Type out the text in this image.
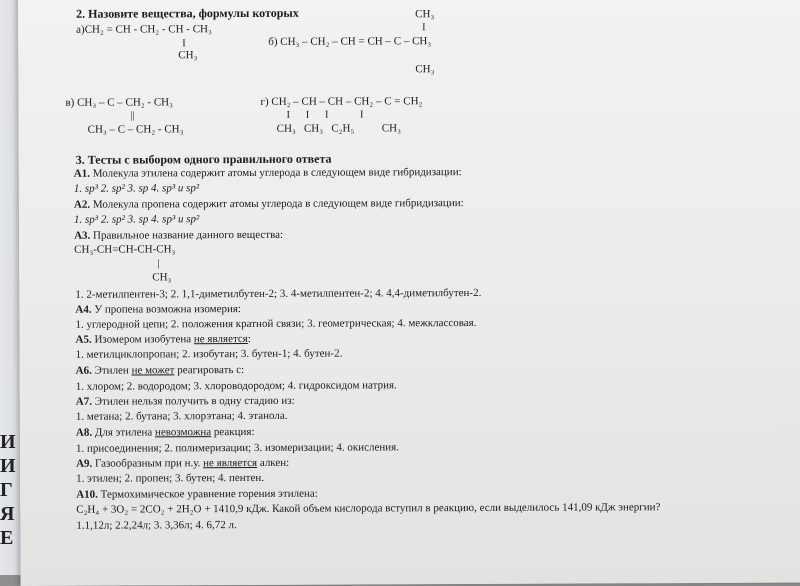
И
И
Г
Я
Е
2. Назовите вещества, формулы которых
а)CH₂ = CH - CH₂ - CH - CH₃
I
CH₃
CH₃
I
б) CH₃ – CH₂ – CH = CH – C – CH₃
CH₃
в) CH₃ – C – CH₂ - CH₃
||
CH₃ – C – CH₂ - CH₃
г) CH₂ – CH – CH – CH₂ – C = CH₂
I      I      I            I
CH₃   CH₃   C₂H₅          CH₃
3. Тесты с выбором одного правильного ответа
А1. Молекула этилена содержит атомы углерода в следующем виде гибридизации:
1. sp³ 2. sp² 3. sp 4. sp³ и sp²
А2. Молекула пропена содержит атомы углерода в следующем виде гибридизации:
1. sp³ 2. sp² 3. sp 4. sp³ и sp²
А3. Правильное название данного вещества:
CH₃-CH=CH-CH-CH₃
|
CH₃
1. 2-метилпентен-3; 2. 1,1-диметилбутен-2; 3. 4-метилпентен-2; 4. 4,4-диметилбутен-2.
А4. У пропена возможна изомерия:
1. углеродной цепи; 2. положения кратной связи; 3. геометрическая; 4. межклассовая.
А5. Изомером изобутена не является:
1. метилциклопропан; 2. изобутан; 3. бутен-1; 4. бутен-2.
А6. Этилен не может реагировать с:
1. хлором; 2. водородом; 3. хлороводородом; 4. гидроксидом натрия.
А7. Этилен нельзя получить в одну стадию из:
1. метана; 2. бутана; 3. хлорэтана; 4. этанола.
А8. Для этилена невозможна реакция:
1. присоединения; 2. полимеризации; 3. изомеризации; 4. окисления.
А9. Газообразным при н.у. не является алкен:
1. этилен; 2. пропен; 3. бутен; 4. пентен.
А10. Термохимическое уравнение горения этилена:
C₂H₄ + 3O₂ = 2CO₂ + 2H₂O + 1410,9 кДж. Какой объем кислорода вступил в реакцию, если выделилось 141,09 кДж энергии?
1.1,12л; 2.2,24л; 3. 3,36л; 4. 6,72 л.
